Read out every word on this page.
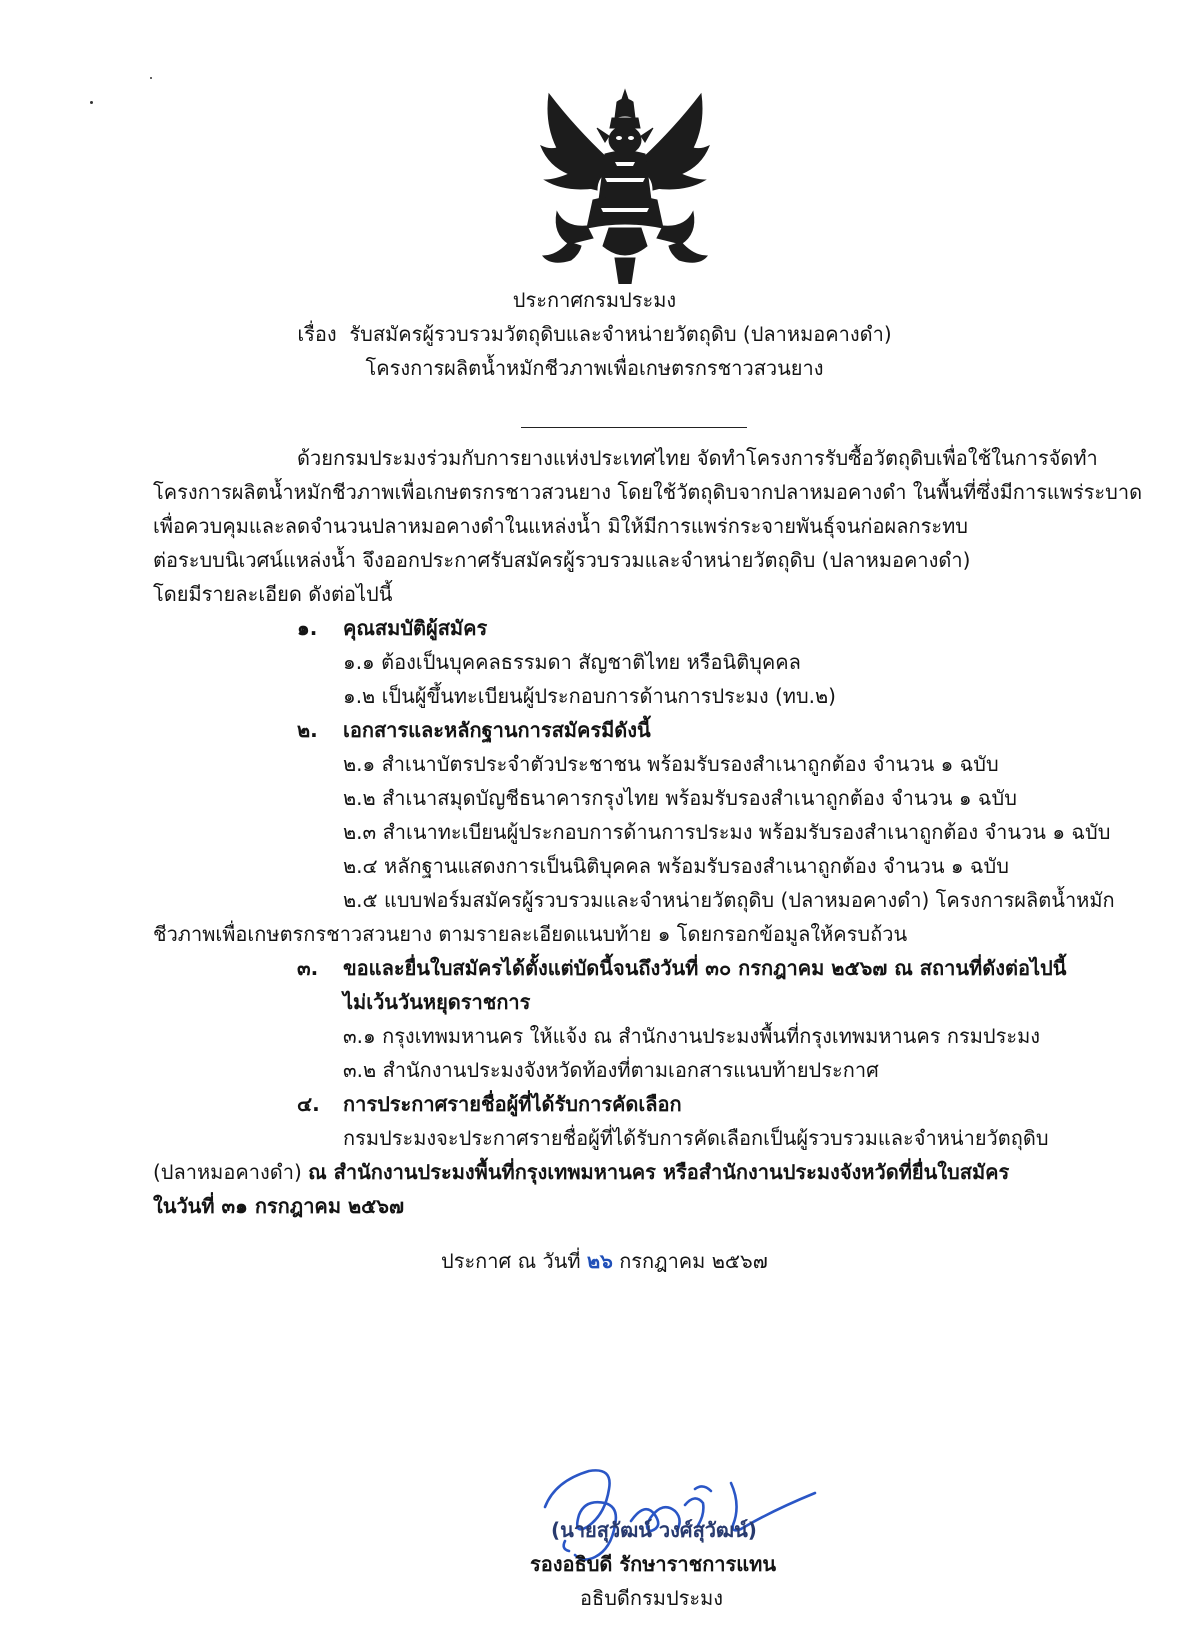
ประกาศกรมประมง
เรื่อง รับสมัครผู้รวบรวมวัตถุดิบและจำหน่ายวัตถุดิบ (ปลาหมอคางดำ)
โครงการผลิตน้ำหมักชีวภาพเพื่อเกษตรกรชาวสวนยาง
ด้วยกรมประมงร่วมกับการยางแห่งประเทศไทย จัดทำโครงการรับซื้อวัตถุดิบเพื่อใช้ในการจัดทำ
โครงการผลิตน้ำหมักชีวภาพเพื่อเกษตรกรชาวสวนยาง โดยใช้วัตถุดิบจากปลาหมอคางดำ ในพื้นที่ซึ่งมีการแพร่ระบาด
เพื่อควบคุมและลดจำนวนปลาหมอคางดำในแหล่งน้ำ มิให้มีการแพร่กระจายพันธุ์จนก่อผลกระทบ
ต่อระบบนิเวศน์แหล่งน้ำ จึงออกประกาศรับสมัครผู้รวบรวมและจำหน่ายวัตถุดิบ (ปลาหมอคางดำ)
โดยมีรายละเอียด ดังต่อไปนี้
๑. คุณสมบัติผู้สมัคร
๑.๑ ต้องเป็นบุคคลธรรมดา สัญชาติไทย หรือนิติบุคคล
๑.๒ เป็นผู้ขึ้นทะเบียนผู้ประกอบการด้านการประมง (ทบ.๒)
๒. เอกสารและหลักฐานการสมัครมีดังนี้
๒.๑ สำเนาบัตรประจำตัวประชาชน พร้อมรับรองสำเนาถูกต้อง จำนวน ๑ ฉบับ
๒.๒ สำเนาสมุดบัญชีธนาคารกรุงไทย พร้อมรับรองสำเนาถูกต้อง จำนวน ๑ ฉบับ
๒.๓ สำเนาทะเบียนผู้ประกอบการด้านการประมง พร้อมรับรองสำเนาถูกต้อง จำนวน ๑ ฉบับ
๒.๔ หลักฐานแสดงการเป็นนิติบุคคล พร้อมรับรองสำเนาถูกต้อง จำนวน ๑ ฉบับ
๒.๕ แบบฟอร์มสมัครผู้รวบรวมและจำหน่ายวัตถุดิบ (ปลาหมอคางดำ) โครงการผลิตน้ำหมัก
ชีวภาพเพื่อเกษตรกรชาวสวนยาง ตามรายละเอียดแนบท้าย ๑ โดยกรอกข้อมูลให้ครบถ้วน
๓. ขอและยื่นใบสมัครได้ตั้งแต่บัดนี้จนถึงวันที่ ๓๐ กรกฎาคม ๒๕๖๗ ณ สถานที่ดังต่อไปนี้
ไม่เว้นวันหยุดราชการ
๓.๑ กรุงเทพมหานคร ให้แจ้ง ณ สำนักงานประมงพื้นที่กรุงเทพมหานคร กรมประมง
๓.๒ สำนักงานประมงจังหวัดท้องที่ตามเอกสารแนบท้ายประกาศ
๔. การประกาศรายชื่อผู้ที่ได้รับการคัดเลือก
กรมประมงจะประกาศรายชื่อผู้ที่ได้รับการคัดเลือกเป็นผู้รวบรวมและจำหน่ายวัตถุดิบ
(ปลาหมอคางดำ) ณ สำนักงานประมงพื้นที่กรุงเทพมหานคร หรือสำนักงานประมงจังหวัดที่ยื่นใบสมัคร
ในวันที่ ๓๑ กรกฎาคม ๒๕๖๗
ประกาศ ณ วันที่ ๒๖ กรกฎาคม ๒๕๖๗
(นายสุวัฒน์ วงศ์สุวัฒน์)
รองอธิบดี รักษาราชการแทน
อธิบดีกรมประมง
